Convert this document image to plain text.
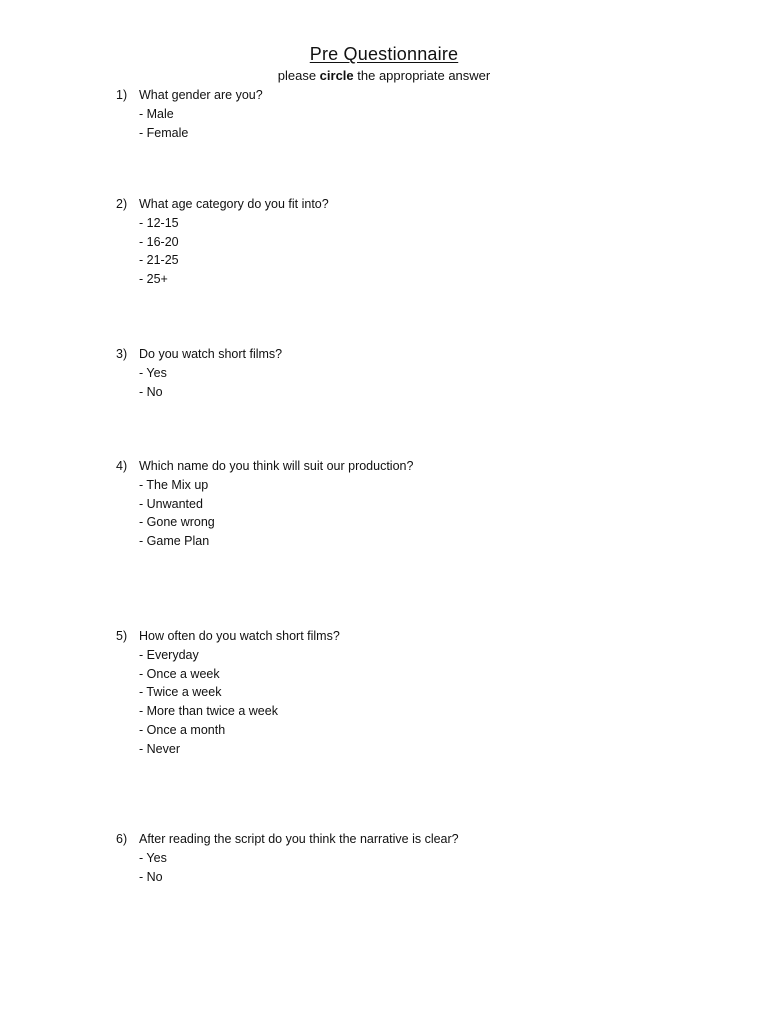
Pre Questionnaire
please circle the appropriate answer
1) What gender are you?
- Male
- Female
2) What age category do you fit into?
- 12-15
- 16-20
- 21-25
- 25+
3) Do you watch short films?
- Yes
- No
4) Which name do you think will suit our production?
- The Mix up
- Unwanted
- Gone wrong
- Game Plan
5) How often do you watch short films?
- Everyday
- Once a week
- Twice a week
- More than twice a week
- Once a month
- Never
6) After reading the script do you think the narrative is clear?
- Yes
- No
